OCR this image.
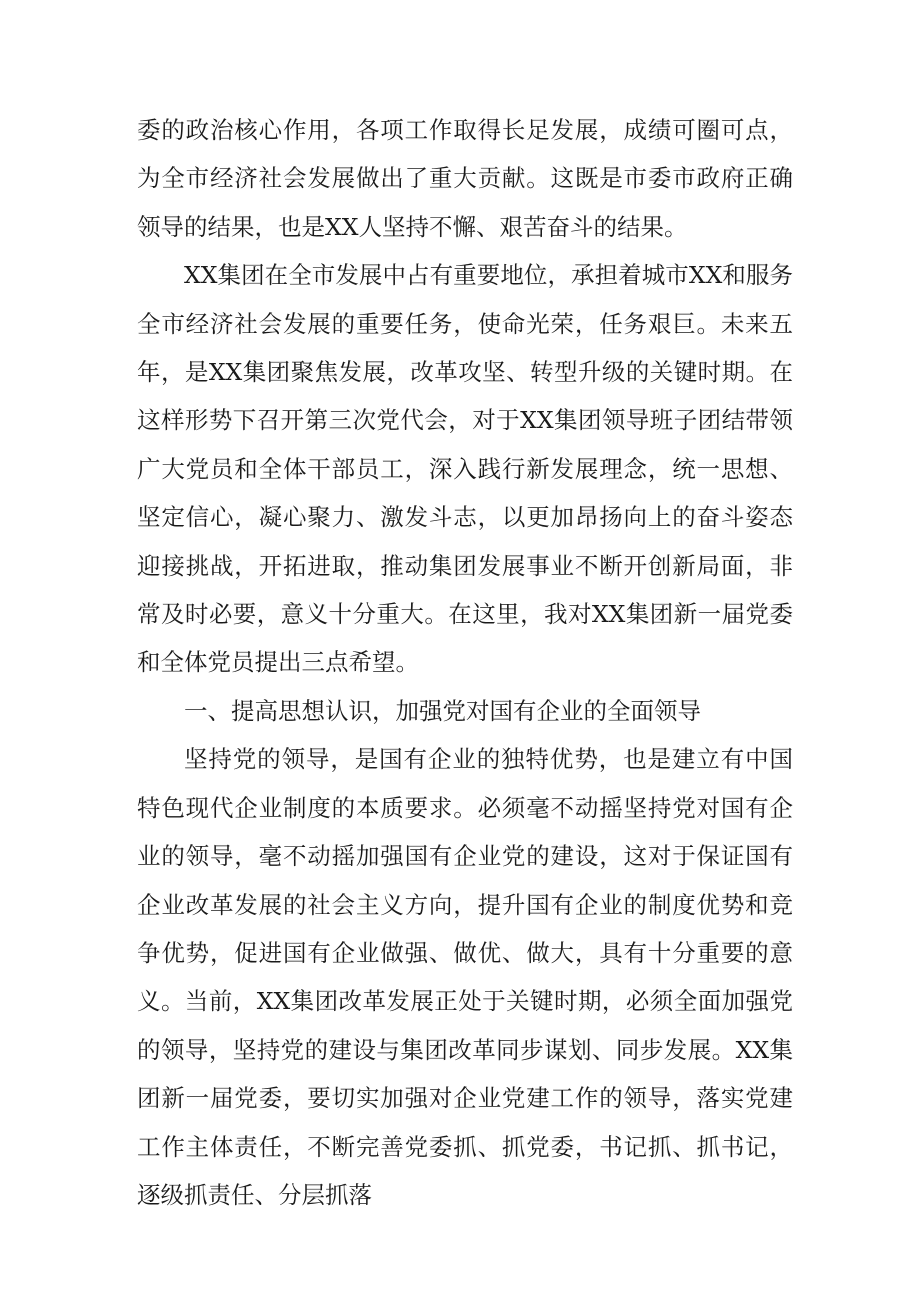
委的政治核心作用，各项工作取得长足发展，成绩可圈可点，为全市经济社会发展做出了重大贡献。这既是市委市政府正确领导的结果，也是XX人坚持不懈、艰苦奋斗的结果。

XX集团在全市发展中占有重要地位，承担着城市XX和服务全市经济社会发展的重要任务，使命光荣，任务艰巨。未来五年，是XX集团聚焦发展，改革攻坚、转型升级的关键时期。在这样形势下召开第三次党代会，对于XX集团领导班子团结带领广大党员和全体干部员工，深入践行新发展理念，统一思想、坚定信心，凝心聚力、激发斗志，以更加昂扬向上的奋斗姿态迎接挑战，开拓进取，推动集团发展事业不断开创新局面，非常及时必要，意义十分重大。在这里，我对XX集团新一届党委和全体党员提出三点希望。

一、提高思想认识，加强党对国有企业的全面领导

坚持党的领导，是国有企业的独特优势，也是建立有中国特色现代企业制度的本质要求。必须毫不动摇坚持党对国有企业的领导，毫不动摇加强国有企业党的建设，这对于保证国有企业改革发展的社会主义方向，提升国有企业的制度优势和竞争优势，促进国有企业做强、做优、做大，具有十分重要的意义。当前，XX集团改革发展正处于关键时期，必须全面加强党的领导，坚持党的建设与集团改革同步谋划、同步发展。XX集团新一届党委，要切实加强对企业党建工作的领导，落实党建工作主体责任，不断完善党委抓、抓党委，书记抓、抓书记，逐级抓责任、分层抓落
